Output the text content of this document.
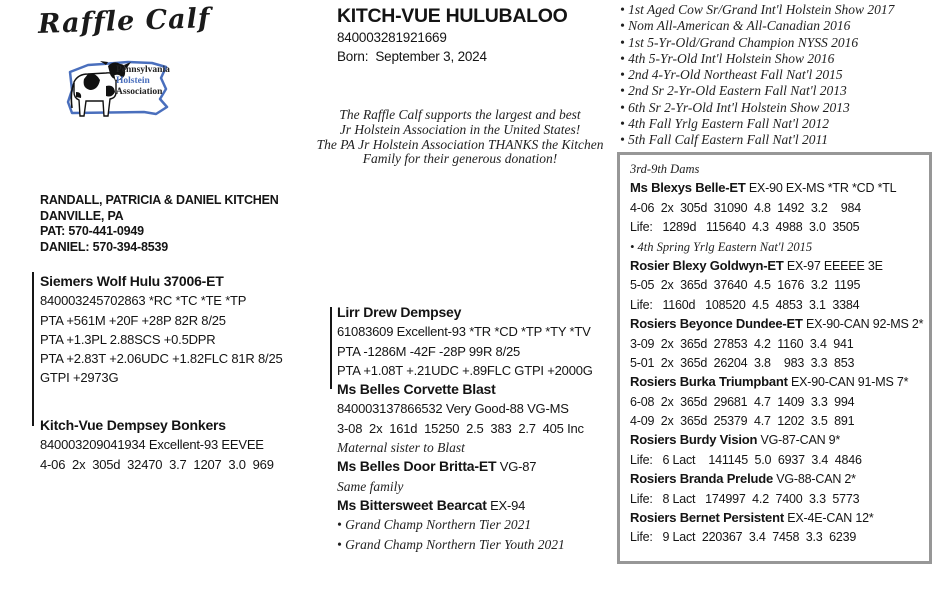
Raffle Calf
Pennsylvania
Holstein
Association
RANDALL, PATRICIA & DANIEL KITCHEN
DANVILLE, PA
PAT: 570-441-0949
DANIEL: 570-394-8539
Siemers Wolf Hulu 37006-ET
840003245702863 *RC *TC *TE *TP
PTA +561M +20F +28P 82R 8/25
PTA +1.3PL 2.88SCS +0.5DPR
PTA +2.83T +2.06UDC +1.82FLC 81R 8/25
GTPI +2973G
Kitch-Vue Dempsey Bonkers
840003209041934 Excellent-93 EEVEE
4-06  2x  305d  32470  3.7  1207  3.0  969
KITCH-VUE HULUBALOO
840003281921669
Born:  September 3, 2024
The Raffle Calf supports the largest and best
Jr Holstein Association in the United States!
The PA Jr Holstein Association THANKS the Kitchen
Family for their generous donation!
Lirr Drew Dempsey
61083609 Excellent-93 *TR *CD *TP *TY *TV
PTA -1286M -42F -28P 99R 8/25
PTA +1.08T +.21UDC +.89FLC GTPI +2000G
Ms Belles Corvette Blast
840003137866532 Very Good-88 VG-MS
3-08  2x  161d  15250  2.5  383  2.7  405 Inc
Maternal sister to Blast
Ms Belles Door Britta-ET VG-87
Same family
Ms Bittersweet Bearcat EX-94
• Grand Champ Northern Tier 2021
• Grand Champ Northern Tier Youth 2021
• 1st Aged Cow Sr/Grand Int'l Holstein Show 2017
• Nom All-American & All-Canadian 2016
• 1st 5-Yr-Old/Grand Champion NYSS 2016
• 4th 5-Yr-Old Int'l Holstein Show 2016
• 2nd 4-Yr-Old Northeast Fall Nat'l 2015
• 2nd Sr 2-Yr-Old Eastern Fall Nat'l 2013
• 6th Sr 2-Yr-Old Int'l Holstein Show 2013
• 4th Fall Yrlg Eastern Fall Nat'l 2012
• 5th Fall Calf Eastern Fall Nat'l 2011
3rd-9th Dams
Ms Blexys Belle-ET EX-90 EX-MS *TR *CD *TL
4-06  2x  305d  31090  4.8  1492  3.2    984
Life:   1289d   115640  4.3  4988  3.0  3505
• 4th Spring Yrlg Eastern Nat'l 2015
Rosier Blexy Goldwyn-ET EX-97 EEEEE 3E
5-05  2x  365d  37640  4.5  1676  3.2  1195
Life:   1160d   108520  4.5  4853  3.1  3384
Rosiers Beyonce Dundee-ET EX-90-CAN 92-MS 2*
3-09  2x  365d  27853  4.2  1160  3.4  941
5-01  2x  365d  26204  3.8    983  3.3  853
Rosiers Burka Triumpbant EX-90-CAN 91-MS 7*
6-08  2x  365d  29681  4.7  1409  3.3  994
4-09  2x  365d  25379  4.7  1202  3.5  891
Rosiers Burdy Vision VG-87-CAN 9*
Life:   6 Lact    141145  5.0  6937  3.4  4846
Rosiers Branda Prelude VG-88-CAN 2*
Life:   8 Lact   174997  4.2  7400  3.3  5773
Rosiers Bernet Persistent EX-4E-CAN 12*
Life:   9 Lact  220367  3.4  7458  3.3  6239
